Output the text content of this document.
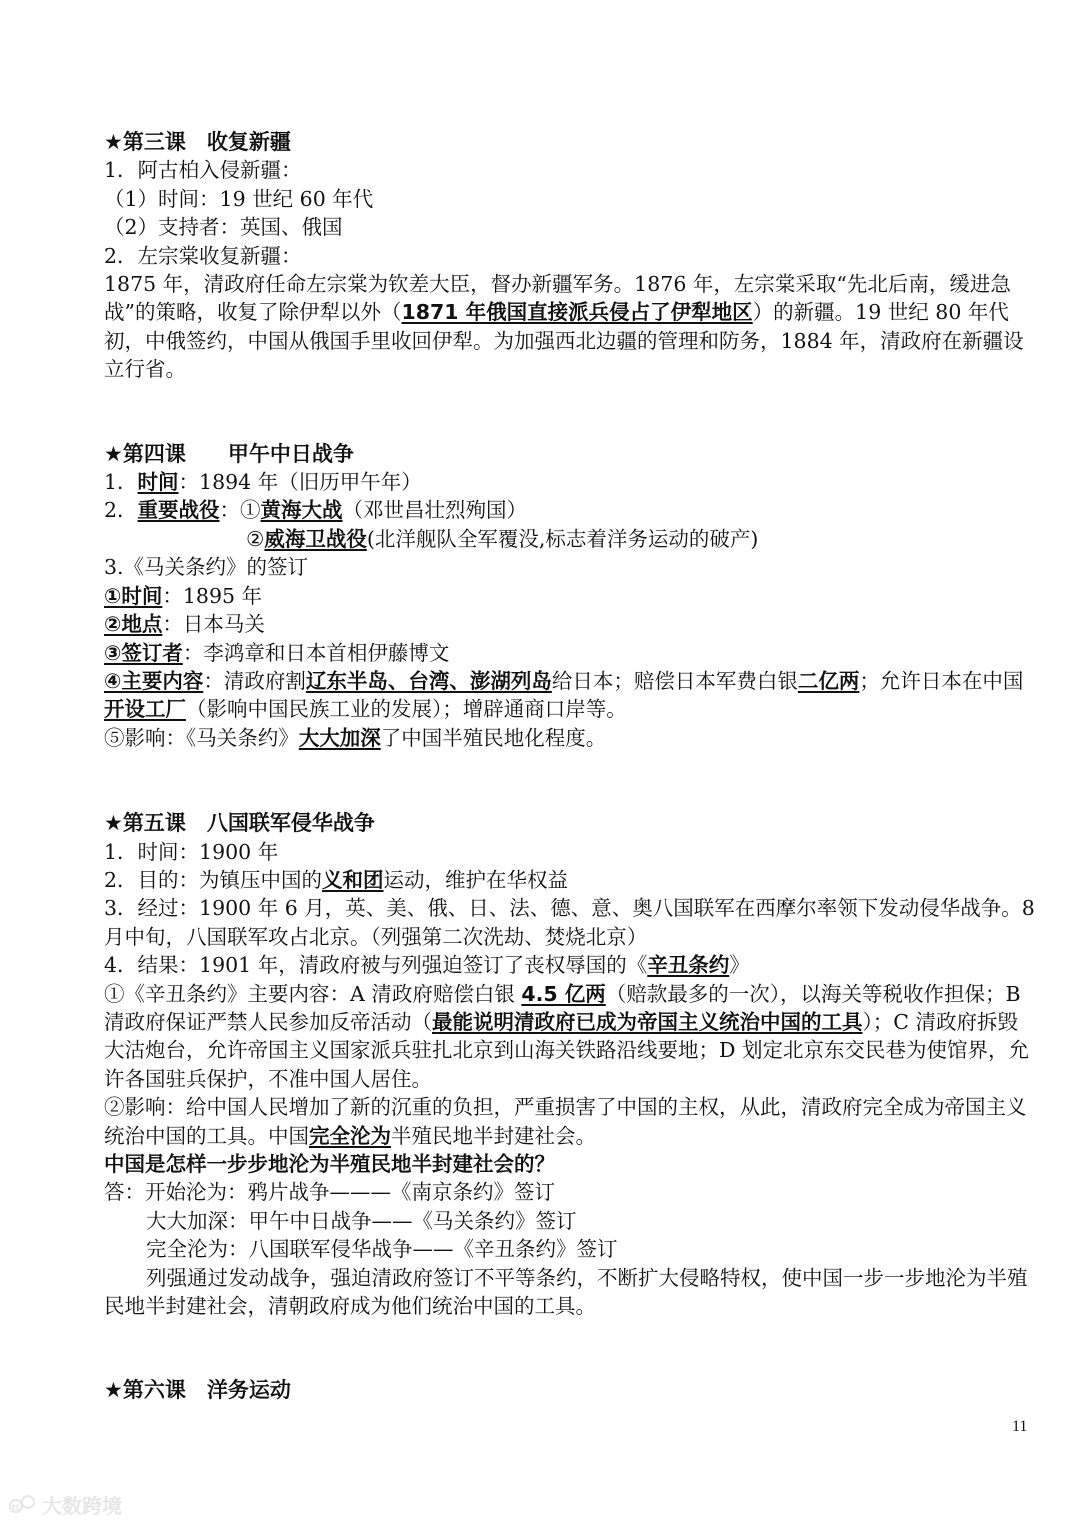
★第三课　收复新疆
1．阿古柏入侵新疆：
（1）时间：19 世纪 60 年代
（2）支持者：英国、俄国
2．左宗棠收复新疆：
1875 年，清政府任命左宗棠为钦差大臣，督办新疆军务。1876 年，左宗棠采取“先北后南，缓进急战”的策略，收复了除伊犁以外（1871 年俄国直接派兵侵占了伊犁地区）的新疆。19 世纪 80 年代初，中俄签约，中国从俄国手里收回伊犁。为加强西北边疆的管理和防务，1884 年，清政府在新疆设立行省。
★第四课　　甲午中日战争
1．时间：1894 年（旧历甲午年）
2．重要战役：①黄海大战（邓世昌壮烈殉国）
②威海卫战役(北洋舰队全军覆没,标志着洋务运动的破产)
3.《马关条约》的签订
①时间：1895 年
②地点：日本马关
③签订者：李鸿章和日本首相伊藤博文
④主要内容：清政府割辽东半岛、台湾、澎湖列岛给日本；赔偿日本军费白银二亿两；允许日本在中国开设工厂（影响中国民族工业的发展）；增辟通商口岸等。
⑤影响：《马关条约》大大加深了中国半殖民地化程度。
★第五课　八国联军侵华战争
1．时间：1900 年
2．目的：为镇压中国的义和团运动，维护在华权益
3．经过：1900 年 6 月，英、美、俄、日、法、德、意、奥八国联军在西摩尔率领下发动侵华战争。8 月中旬，八国联军攻占北京。（列强第二次洗劫、焚烧北京）
4．结果：1901 年，清政府被与列强迫签订了丧权辱国的《辛丑条约》
①《辛丑条约》主要内容：A 清政府赔偿白银 4.5 亿两（赔款最多的一次），以海关等税收作担保；B 清政府保证严禁人民参加反帝活动（最能说明清政府已成为帝国主义统治中国的工具）；C 清政府拆毁大沽炮台，允许帝国主义国家派兵驻扎北京到山海关铁路沿线要地；D 划定北京东交民巷为使馆界，允许各国驻兵保护，不准中国人居住。
②影响：给中国人民增加了新的沉重的负担，严重损害了中国的主权，从此，清政府完全成为帝国主义统治中国的工具。中国完全沦为半殖民地半封建社会。
中国是怎样一步步地沦为半殖民地半封建社会的？
答：开始沦为：鸦片战争———《南京条约》签订
大大加深：甲午中日战争——《马关条约》签订
完全沦为：八国联军侵华战争——《辛丑条约》签订
列强通过发动战争，强迫清政府签订不平等条约，不断扩大侵略特权，使中国一步一步地沦为半殖民地半封建社会，清朝政府成为他们统治中国的工具。
★第六课　洋务运动
11
tt 大数跨境
